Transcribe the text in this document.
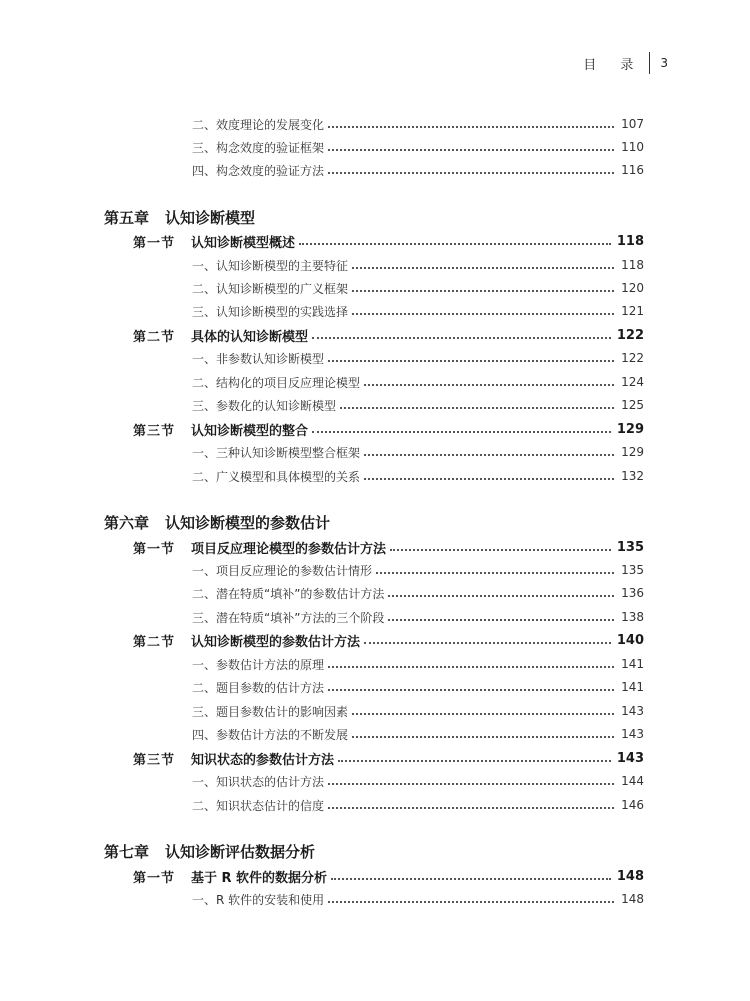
目 录 3
二、效度理论的发展变化	107
三、构念效度的验证框架	110
四、构念效度的验证方法	116
第五章 认知诊断模型
第一节	认知诊断模型概述	118
一、认知诊断模型的主要特征	118
二、认知诊断模型的广义框架	120
三、认知诊断模型的实践选择	121
第二节	具体的认知诊断模型	122
一、非参数认知诊断模型	122
二、结构化的项目反应理论模型	124
三、参数化的认知诊断模型	125
第三节	认知诊断模型的整合	129
一、三种认知诊断模型整合框架	129
二、广义模型和具体模型的关系	132
第六章 认知诊断模型的参数估计
第一节	项目反应理论模型的参数估计方法	135
一、项目反应理论的参数估计情形	135
二、潜在特质“填补”的参数估计方法	136
三、潜在特质“填补”方法的三个阶段	138
第二节	认知诊断模型的参数估计方法	140
一、参数估计方法的原理	141
二、题目参数的估计方法	141
三、题目参数估计的影响因素	143
四、参数估计方法的不断发展	143
第三节	知识状态的参数估计方法	143
一、知识状态的估计方法	144
二、知识状态估计的信度	146
第七章 认知诊断评估数据分析
第一节	基于 R 软件的数据分析	148
一、R 软件的安装和使用	148
